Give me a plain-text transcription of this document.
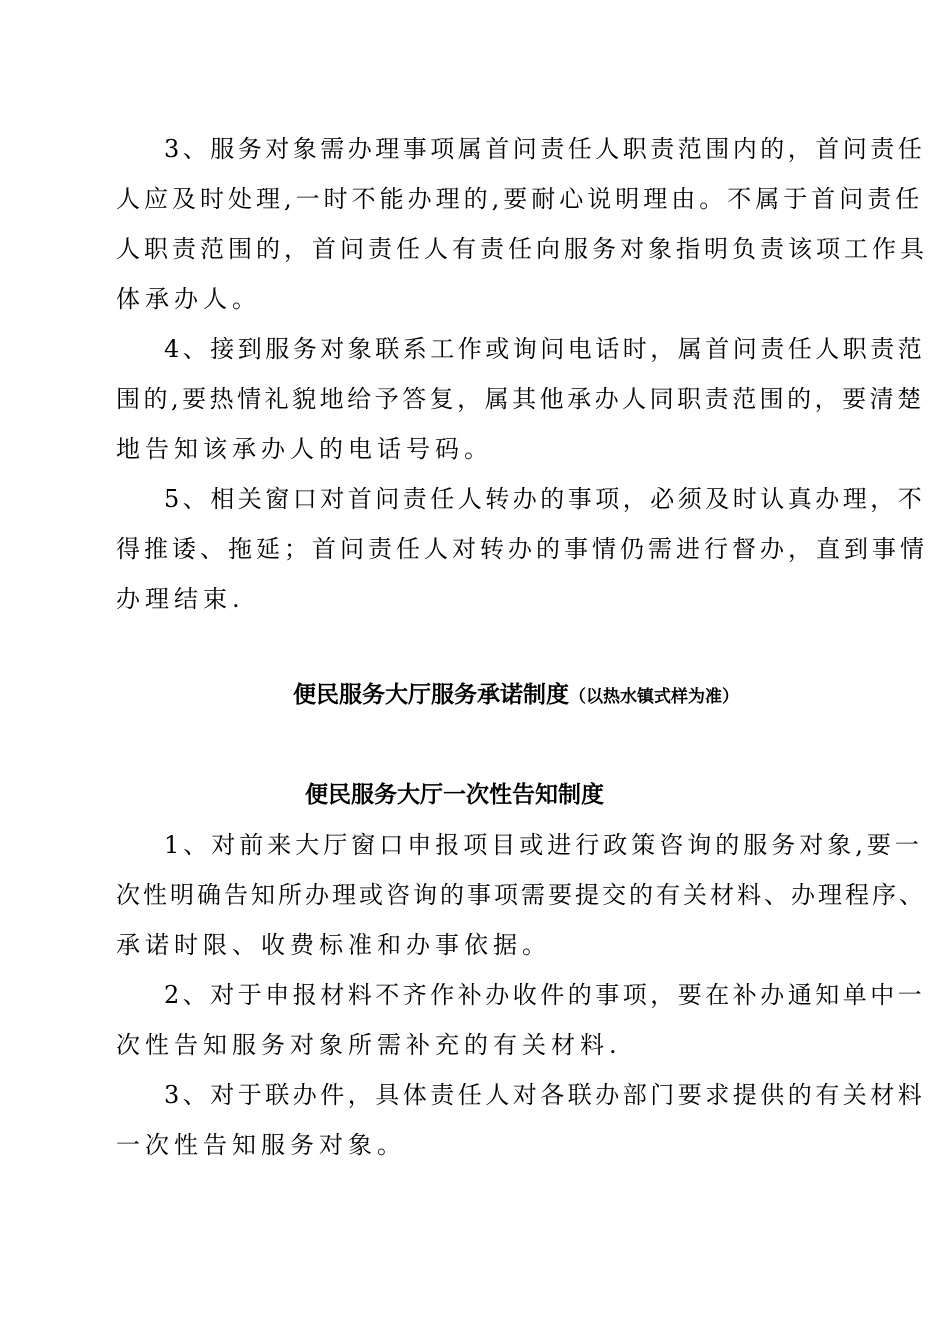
3、服务对象需办理事项属首问责任人职责范围内的，首问责任
人应及时处理,一时不能办理的,要耐心说明理由。不属于首问责任
人职责范围的，首问责任人有责任向服务对象指明负责该项工作具
体承办人。
4、接到服务对象联系工作或询问电话时，属首问责任人职责范
围的,要热情礼貌地给予答复，属其他承办人同职责范围的，要清楚
地告知该承办人的电话号码。
5、相关窗口对首问责任人转办的事项，必须及时认真办理，不
得推诿、拖延；首问责任人对转办的事情仍需进行督办，直到事情
办理结束.
便民服务大厅服务承诺制度（以热水镇式样为准）
便民服务大厅一次性告知制度
1、对前来大厅窗口申报项目或进行政策咨询的服务对象,要一
次性明确告知所办理或咨询的事项需要提交的有关材料、办理程序、
承诺时限、收费标准和办事依据。
2、对于申报材料不齐作补办收件的事项，要在补办通知单中一
次性告知服务对象所需补充的有关材料.
3、对于联办件，具体责任人对各联办部门要求提供的有关材料
一次性告知服务对象。
